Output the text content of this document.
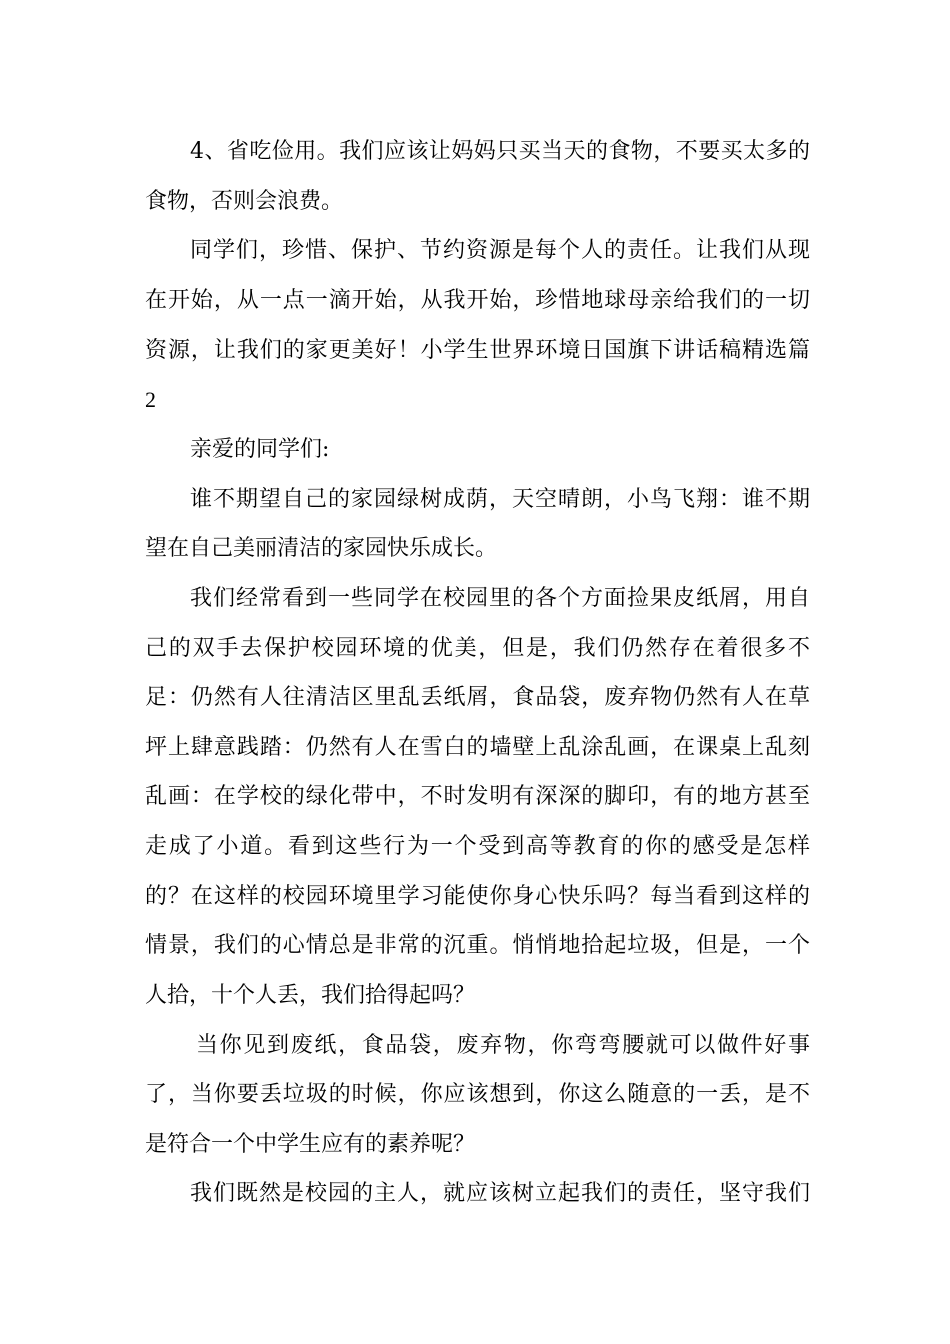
4、省吃俭用。我们应该让妈妈只买当天的食物，不要买太多的
食物，否则会浪费。
同学们，珍惜、保护、节约资源是每个人的责任。让我们从现
在开始，从一点一滴开始，从我开始，珍惜地球母亲给我们的一切
资源，让我们的家更美好！小学生世界环境日国旗下讲话稿精选篇
2
亲爱的同学们:
谁不期望自己的家园绿树成荫，天空晴朗，小鸟飞翔：谁不期
望在自己美丽清洁的家园快乐成长。
我们经常看到一些同学在校园里的各个方面捡果皮纸屑，用自
己的双手去保护校园环境的优美，但是，我们仍然存在着很多不
足：仍然有人往清洁区里乱丢纸屑，食品袋，废弃物仍然有人在草
坪上肆意践踏：仍然有人在雪白的墙壁上乱涂乱画，在课桌上乱刻
乱画：在学校的绿化带中，不时发明有深深的脚印，有的地方甚至
走成了小道。看到这些行为一个受到高等教育的你的感受是怎样
的？在这样的校园环境里学习能使你身心快乐吗？每当看到这样的
情景，我们的心情总是非常的沉重。悄悄地拾起垃圾，但是，一个
人拾，十个人丢，我们拾得起吗？
当你见到废纸，食品袋，废弃物，你弯弯腰就可以做件好事
了，当你要丢垃圾的时候，你应该想到，你这么随意的一丢，是不
是符合一个中学生应有的素养呢？
我们既然是校园的主人，就应该树立起我们的责任，坚守我们
